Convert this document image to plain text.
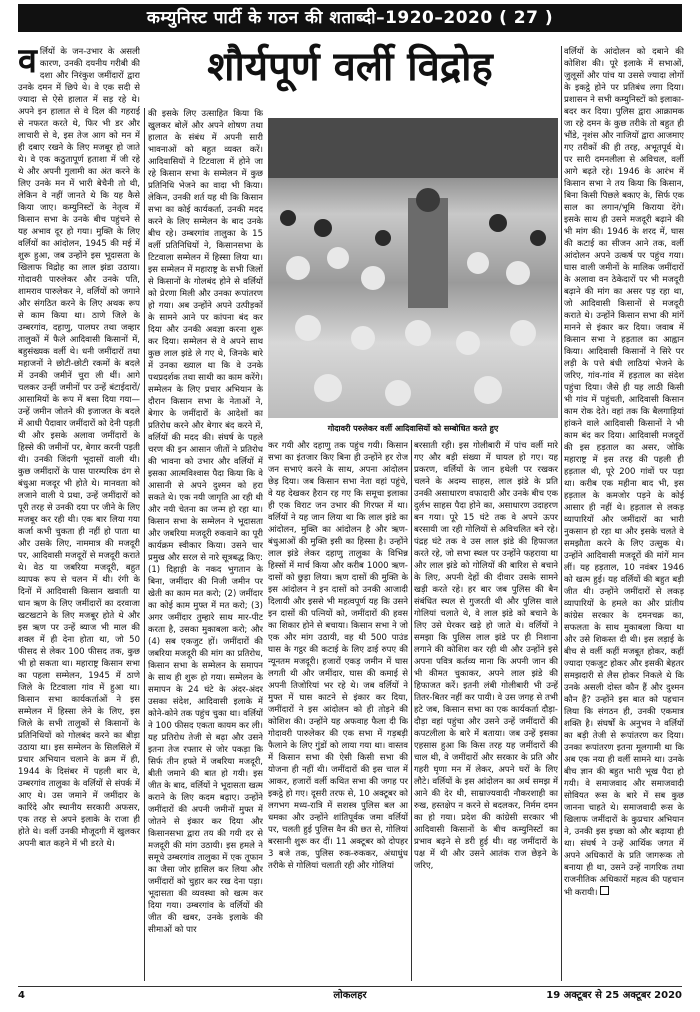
कम्युनिस्ट पार्टी के गठन की शताब्दी–1920–2020 ( 27 )
शौर्यपूर्ण वर्ली विद्रोह

वर्लियों के जन-उभार के असली कारण, उनकी दयनीय गरीबी की दशा और निरंकुश जमींदारों द्वारा उनके दमन में छिपे थे। वे एक सदी से ज्यादा से ऐसे हालात में सड़ रहे थे। अपने इन हालात से वे दिल की गहराई से नफरत करते थे, फिर भी डर और लाचारी से वे, इस तेज आग को मन में ही दबाए रखने के लिए मजबूर हो जाते थे। वे एक कठुतापूर्ण हताशा में जी रहे थे और अपनी गुलामी का अंत करने के लिए उनके मन में भारी बेचैनी तो थी, लेकिन वे नहीं जानते थे कि यह कैसे किया जाए। कम्युनिस्टों के नेतृत्व में किसान सभा के उनके बीच पहुंचने से यह अभाव दूर हो गया। मुक्ति के लिए वर्लियों का आंदोलन, 1945 की मई में शुरू हुआ, जब उन्होंने इस भूदासता के खिलाफ विद्रोह का लाल झंडा उठाया। गोदावरी पारुलेकर और उनके पति, शामराव पारुलेकर ने, वर्लियों को जगाने और संगठित करने के लिए अथक रूप से काम किया था। ठाणे जिले के उम्बरगांव, दहाणु, पालघर तथा जव्हार तालुकों में फैले आदिवासी किसानों में, बहुसंख्यक वर्ली थे। धनी जमींदारों तथा महाजनों ने छोटी-छोटी रकमों के बदले में उनकी जमीनें चुरा ली थीं। आगे चलकर उन्हीं जमीनों पर उन्हें बंटाईदारों/आसामियों के रूप में बसा दिया गया—उन्हें जमीन जोतने की इजाजत के बदले में आधी पैदावार जमींदारों को देनी पड़ती थी और इसके अलावा जमींदारों के हिस्से की जमीनों पर, बेगार करनी पड़ती थी। उनकी जिंदगी भूदासों वाली थी। कुछ जमींदारों के पास पारम्परिक ढंग से बंधुआ मजदूर भी होते थे। मानवता को लजाने वाली ये प्रथा, उन्हें जमींदारों को पूरी तरह से उनकी दया पर जीने के लिए मजबूर कर रही थी। एक बार लिया गया कर्जा कभी चुकता ही नहीं हो पाता था और उसके लिए, नाममात्र की मजदूरी पर, आदिवासी मजदूरों से मजदूरी कराते थे। वेठ या जबरिया मजदूरी, बहुत व्यापक रूप से चलन में थी। रंगी के दिनों में आदिवासी किसान खवाती या धान ऋण के लिए जमींदारों का दरवाजा खटखटाने के लिए मजबूर होते थे और इस ऋण पर उन्हें ब्याज भी माल की शक्ल में ही देना होता था, जो 50 फीसद से लेकर 100 फीसद तक, कुछ भी हो सकता था। महाराष्ट्र किसान सभा का पहला सम्मेलन, 1945 में ठाणे जिले के टिटवाला गांव में हुआ था। किसान सभा कार्यकर्ताओं ने इस सम्मेलन में हिस्सा लेने के लिए, इस जिले के सभी तालुकों से किसानों के प्रतिनिधियों को गोलबंद करने का बीड़ा उठाया था। इस सम्मेलन के सिलसिले में प्रचार अभियान चलाने के क्रम में ही, 1944 के दिसंबर में पहली बार वे, उम्बरगांव तालुका के वर्लियों से संपर्क में आए थे। उस जमाने में जमींदार के कारिंदे और स्थानीय सरकारी अफसर, एक तरह से अपने इलाके के राजा ही होते थे। वर्ली उनकी मौजूदगी में खुलकर अपनी बात कहने में भी डरते थे।

की इसके लिए उत्साहित किया कि खुलकर बोलें और अपने शोषण तथा हालात के संबंध में अपनी सारी भावनाओं को बहुत व्यक्त करें। आदिवासियों ने टिटवाला में होने जा रहे किसान सभा के सम्मेलन में कुछ प्रतिनिधि भेजने का वादा भी किया। लेकिन, उनकी शर्त यह थी कि किसान सभा का कोई कार्यकर्ता, उनकी मदद करने के लिए सम्मेलन के बाद उनके बीच रहे। उम्बरगांव तालुका के 15 वर्ली प्रतिनिधियों ने, किसानसभा के टिटवाला सम्मेलन में हिस्सा लिया था। इस सम्मेलन में महाराष्ट्र के सभी जिलों से किसानों के गोलबंद होने से वर्लियों को प्रेरणा मिली और उनका रूपांतरण हो गया। अब उन्होंने अपने उत्पीड़कों के सामने आने पर कांपना बंद कर दिया और उनकी अवज्ञा करना शुरू कर दिया। सम्मेलन से वे अपने साथ कुछ लाल झंडे ले गए थे, जिनके बारे में उनका ख्याल था कि वे उनके पथप्रदर्शक तथा साथी का काम करेंगे। सम्मेलन के लिए प्रचार अभियान के दौरान किसान सभा के नेताओं ने, बेगार के जमींदारों के आदेशों का प्रतिरोध करने और बेगार बंद करने में, वर्लियों की मदद की। संघर्ष के पहले चरण की इन आसान जीतों ने प्रतिरोध की भावना को उभार और वर्लियों में इसका आत्मविश्वास पैदा किया कि वे आसानी से अपने दुश्मन को हरा सकते थे। एक नयी जागृति आ रही थी और नयी चेतना का जन्म हो रहा था। किसान सभा के सम्मेलन ने भूदासता और जबरिया मजदूरी रुकवाने का पूरी कार्यक्रम स्वीकार किया। उसने चार प्रमुख और सरल से नारे सूत्रबद्ध किए: (1) दिहाड़ी के नकद भुगतान के बिना, जमींदार की निजी जमीन पर खेती का काम मत करो; (2) जमींदार का कोई काम मुफ्त में मत करो; (3) अगर जमींदार तुम्हारे साथ मार-पीट करता है, उसका मुकाबला करो; और (4) सब एकजुट हों। जमींदारों की जबरिया मजदूरी की मांग का प्रतिरोध, किसान सभा के सम्मेलन के समापन के साथ ही शुरू हो गया। सम्मेलन के समापन के 24 घंटे के अंदर-अंदर उसका संदेश, आदिवासी इलाके में कोने-कोने तक पहुंच चुका था। वर्लियों ने 100 फीसद एकता कायम कर ली। यह प्रतिरोध तेजी से बढ़ा और उसने इतना तेज रफ्तार से जोर पकड़ा कि सिर्फ तीन हफ्ते में जबरिया मजदूरी, बीती जमाने की बात हो गयी। इस जीत के बाद, वर्लियों ने भूदासता खत्म कराने के लिए कदम बढ़ाए। उन्होंने जमींदारों की अपनी जमीनों मुफ्त में जोतने से इंकार कर दिया और किसानसभा द्वारा तय की गयी दर से मजदूरी की मांग उठायी। इस हमले ने समूचे उम्बरगांव तालुका में एक तूफान का जैसा जोर हासिल कर लिया और जमींदारों को चुहार कर रख देना पड़ा। भूदासता की व्यवस्था को खत्म कर दिया गया। उम्बरगांव के वर्लियों की जीत की खबर, उनके इलाके की सीमाओं को पार

गोदावरी परुलेकर वर्ली आदिवासियों को सम्बोधित करते हुए

कर गयी और दहाणु तक पहुंच गयी। किसान सभा का इंतजार किए बिना ही उन्होंने हर रोज जन सभाएं करने के साथ, अपना आंदोलन छेड़ दिया। जब किसान सभा नेता वहां पहुंचे, वे यह देखकर हैरान रह गए कि समूचा इलाका ही एक विराट जन उभार की गिरफ्त में था। वर्लियों ने यह जान लिया था कि लाल झंडे का आंदोलन, मुक्ति का आंदोलन है और ऋण-बंधुआओं की मुक्ति इसी का हिस्सा है। उन्होंने लाल झंडे लेकर दहाणु तालुका के विभिन्न हिस्सों में मार्च किया और करीब 1000 ऋण-दासों को छुड़ा लिया। ऋण दासों की मुक्ति के इस आंदोलन ने इन दासों को उनकी आजादी दिलायी और इससे भी महत्वपूर्ण यह कि उसने इन दासों की पत्नियों को, जमींदारों की हवस का शिकार होने से बचाया। किसान सभा ने जो एक और मांग उठायी, वह थी 500 पाउंड घास के गट्ठर की कटाई के लिए ढाई रुपए की न्यूनतम मजदूरी। हजारों एकड़ जमीन में घास लगती थी और जमींदार, घास की कमाई से अपनी तिजोरियां भर रहे थे। जब वर्लियों ने मुफ्त में घास काटने से इंकार कर दिया, जमींदारों ने इस आंदोलन को ही तोड़ने की कोशिश की। उन्होंने यह अफवाह फैला दी कि गोदावरी पारुलेकर की एक सभा में गड़बड़ी फैलाने के लिए गुंडों को लाया गया था। वास्तव में किसान सभा की ऐसी किसी सभा की योजना ही नहीं थी। जमींदारों की इस चाल में आकर, हजारों वर्ली कथित सभा की जगह पर इकट्ठे हो गए। दूसरी तरफ से, 10 अक्टूबर को लगभग मध्य-रात्रि में सशस्त्र पुलिस बल आ धमका और उन्होंने शांतिपूर्वक जमा वर्लियों पर, चलती हुई पुलिस वैन की छत से, गोलियां बरसानी शुरू कर दीं। 11 अक्टूबर को दोपहर 3 बजे तक, पुलिस रुक-रुककर, अंधाधुंध तरीके से गोलियां चलाती रही और गोलियां

बरसाती रही। इस गोलीबारी में पांच वर्ली मारे गए और बड़ी संख्या में घायल हो गए। यह प्रकरण, वर्लियों के जान हथेली पर रखकर चलने के अदम्य साहस, लाल झंडे के प्रति उनकी असाधारण वफादारी और उनके बीच एक दुर्लभ साहस पैदा होने का, असाधारण उदाहरण बन गया। पूरे 15 घंटे तक वे अपने ऊपर बरसायी जा रही गोलियों से अविचलित बने रहे। पंद्रह घंटे तक वे उस लाल झंडे की हिफाजत करते रहे, जो सभा स्थल पर उन्होंने फहराया था और लाल झंडे को गोलियों की बारिश से बचाने के लिए, अपनी देहों की दीवार उसके सामने खड़ी करते रहे। हर बार जब पुलिस की बैन संबंधित स्थल से गुजरती थी और पुलिस वाले गोलियां चलाते थे, वे लाल झंडे को बचाने के लिए उसे घेरकर खड़े हो जाते थे। वर्लियों ने समझा कि पुलिस लाल झंडे पर ही निशाना लगाने की कोशिश कर रही थी और उन्होंने इसे अपना पवित्र कर्तव्य माना कि अपनी जान की भी कीमत चुकाकर, अपने लाल झंडे की हिफाजत करें। इतनी लंबी गोलीबारी भी उन्हें तितर-बितर नहीं कर पायी। वे उस जगह से तभी हटे जब, किसान सभा का एक कार्यकर्ता दौड़ा-दौड़ा वहां पहुंचा और उसने उन्हें जमींदारों की कपटलीला के बारे में बताया। जब उन्हें इसका एहसास हुआ कि किस तरह यह जमींदारों की चाल थी, वे जमींदारों और सरकार के प्रति और गहरी घृणा मन में लेकर, अपने घरों के लिए लौटे। वर्लियों के इस आंदोलन का अर्थ समझ में आने की देर थी, साम्राज्यवादी नौकरशाही का रुख, हस्तक्षेप न करने से बदलकर, निर्मम दमन का हो गया। प्रदेश की कांग्रेसी सरकार भी आदिवासी किसानों के बीच कम्युनिस्टों का प्रभाव बढ़ने से डरी हुई थी। वह जमींदारों के पक्ष में थी और उसने आतंक राज छेड़ने के जरिए,

वर्लियों के आंदोलन को दबाने की कोशिश की। पूरे इलाके में सभाओं, जुलूसों और पांच या उससे ज्यादा लोगों के इकट्ठे होने पर प्रतिबंध लगा दिया। प्रशासन ने सभी कम्युनिस्टों को इलाका-बदर कर दिया। पुलिस द्वारा आक्रामक जा रहे दमन के कुछ तरीके तो बहुत ही भौंडे, नृशंस और नाजियों द्वारा आजमाए गए तरीकों की ही तरह, अभूतपूर्व थे। पर सारी दमनलीला से अविचल, वर्ली आगे बढ़ते रहे। 1946 के आरंभ में किसान सभा ने तय किया कि किसान, बिना किसी पिछले बकाए के, सिर्फ एक साल का लगान/भूमि किराया देंगे। इसके साथ ही उसने मजदूरी बढ़ाने की भी मांग की। 1946 के शरद में, घास की कटाई का सीजन आने तक, वर्ली आंदोलन अपने उत्कर्ष पर पहुंच गया। घास वाली जमीनों के मालिक जमींदारों के अलावा वन ठेकेदारों पर भी मजदूरी बढ़ाने की मांग का असर पड़ रहा था, जो आदिवासी किसानों से मजदूरी कराते थे। उन्होंने किसान सभा की मांगें मानने से इंकार कर दिया। जवाब में किसान सभा ने हड़ताल का आह्वान किया। आदिवासी किसानों ने सिरे पर लड़ी के पत्ते बंधी लाठियां भेजने के जरिए, गांव-गांव में हड़ताल का संदेश पहुंचा दिया। जैसे ही यह लाठी किसी भी गांव में पहुंचती, आदिवासी किसान काम रोक देते। वहां तक कि बैलगाड़ियां हांकने वाले आदिवासी किसानों ने भी काम बंद कर दिया। आदिवासी मजदूरों की इस हड़ताल का असर, जोकि महाराष्ट्र में इस तरह की पहली ही हड़ताल थी, पूरे 200 गांवों पर पड़ा था। करीब एक महीना बाद भी, इस हड़ताल के कमजोर पड़ने के कोई आसार ही नहीं थे। हड़ताल से लकड़ व्यापारियों और जमींदारों का भारी नुकसान हो रहा था और इसके चलते वे समझौता करने के लिए उत्सुक थे। उन्होंने आदिवासी मजदूरों की मांगें मान लीं। यह हड़ताल, 10 नवंबर 1946 को खत्म हुई। यह वर्लियों की बहुत बड़ी जीत थी। उन्होंने जमींदारों से लकड़ व्यापारियों के हमले का और प्रांतीय कांग्रेस सरकार के दमनचक्र का, सफलता के साथ मुकाबला किया था और उसे शिकस्त दी थी। इस लड़ाई के बीच से वर्ली कहीं मजबूत होकर, कहीं ज्यादा एकजुट होकर और इसकी बेहतर समझदारी से लैस होकर निकले थे कि उनके असली दोस्त कौन हैं और दुश्मन कौन हैं? उन्होंने इस बात को पहचान लिया कि संगठन ही, उनकी एकमात्र शक्ति है। संघर्षों के अनुभव ने वर्लियों का बड़ी तेजी से रूपांतरण कर दिया। उनका रूपांतरण इतना मूलगामी था कि अब एक नया ही वर्ली सामने था। उनके बीच ज्ञान की बहुत भारी भूख पैदा हो गयी। वे समाजवाद और समाजवादी सोवियत रूस के बारे में सब कुछ जानना चाहते थे। समाजवादी रूस के खिलाफ जमींदारों के कुप्रचार अभियान ने, उनकी इस इच्छा को और बढ़ाया ही था। संघर्ष ने उन्हें आर्थिक जगत में अपने अधिकारों के प्रति जागरूक तो बनाया ही था, उसने उन्हें नागरिक तथा राजनीतिक अधिकारों महत्व की पहचान भी करायी।

4	लोकलहर	19 अक्टूबर से 25 अक्टूबर 2020
